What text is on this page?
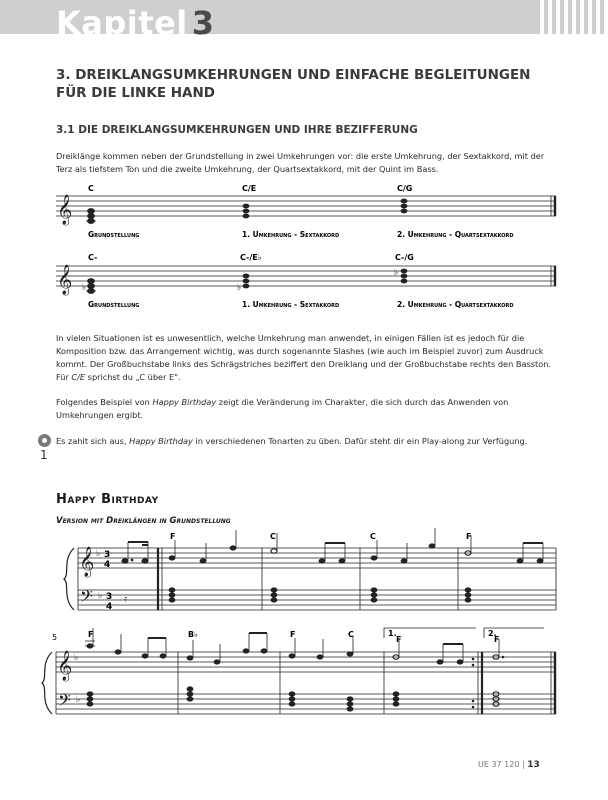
Kapitel 3
3. DREIKLANGSUMKEHRUNGEN UND EINFACHE BEGLEITUNGEN FÜR DIE LINKE HAND
3.1 DIE DREIKLANGSUMKEHRUNGEN UND IHRE BEZIFFERUNG

Dreiklänge kommen neben der Grundstellung in zwei Umkehrungen vor: die erste Umkehrung, der Sextakkord, mit der Terz als tiefstem Ton und die zweite Umkehrung, der Quartsextakkord, mit der Quint im Bass.

In vielen Situationen ist es unwesentlich, welche Umkehrung man anwendet, in einigen Fällen ist es jedoch für die Komposition bzw. das Arrangement wichtig, was durch sogenannte Slashes (wie auch im Beispiel zuvor) zum Ausdruck kommt. Der Großbuchstabe links des Schrägstriches beziffert den Dreiklang und der Großbuchstabe rechts den Basston. Für C/E sprichst du „C über E".

Folgendes Beispiel von Happy Birthday zeigt die Veränderung im Charakter, die sich durch das Anwenden von Umkehrungen ergibt.

Es zahlt sich aus, Happy Birthday in verschiedenen Tonarten zu üben. Dafür steht dir ein Play-along zur Verfügung.

1
Happy Birthday
Version mit Dreiklängen in Grundstellung
𝄞
C	C/E	C/G
Grundstellung	1. Umkehrung - Sextakkord	2. Umkehrung - Quartsextakkord
𝄞 ♭	♭
♭
C-	C-/E♭	C-/G
Grundstellung	1. Umkehrung - Sextakkord	2. Umkehrung - Quartsextakkord
𝄞
𝄢
♭
♭
3
4
3
4
𝄿
F	C	C	F
𝄞
𝄢
♭
♭
5	1.	2.
F	B♭	F	C
F	F
UE 37 120 | 13
